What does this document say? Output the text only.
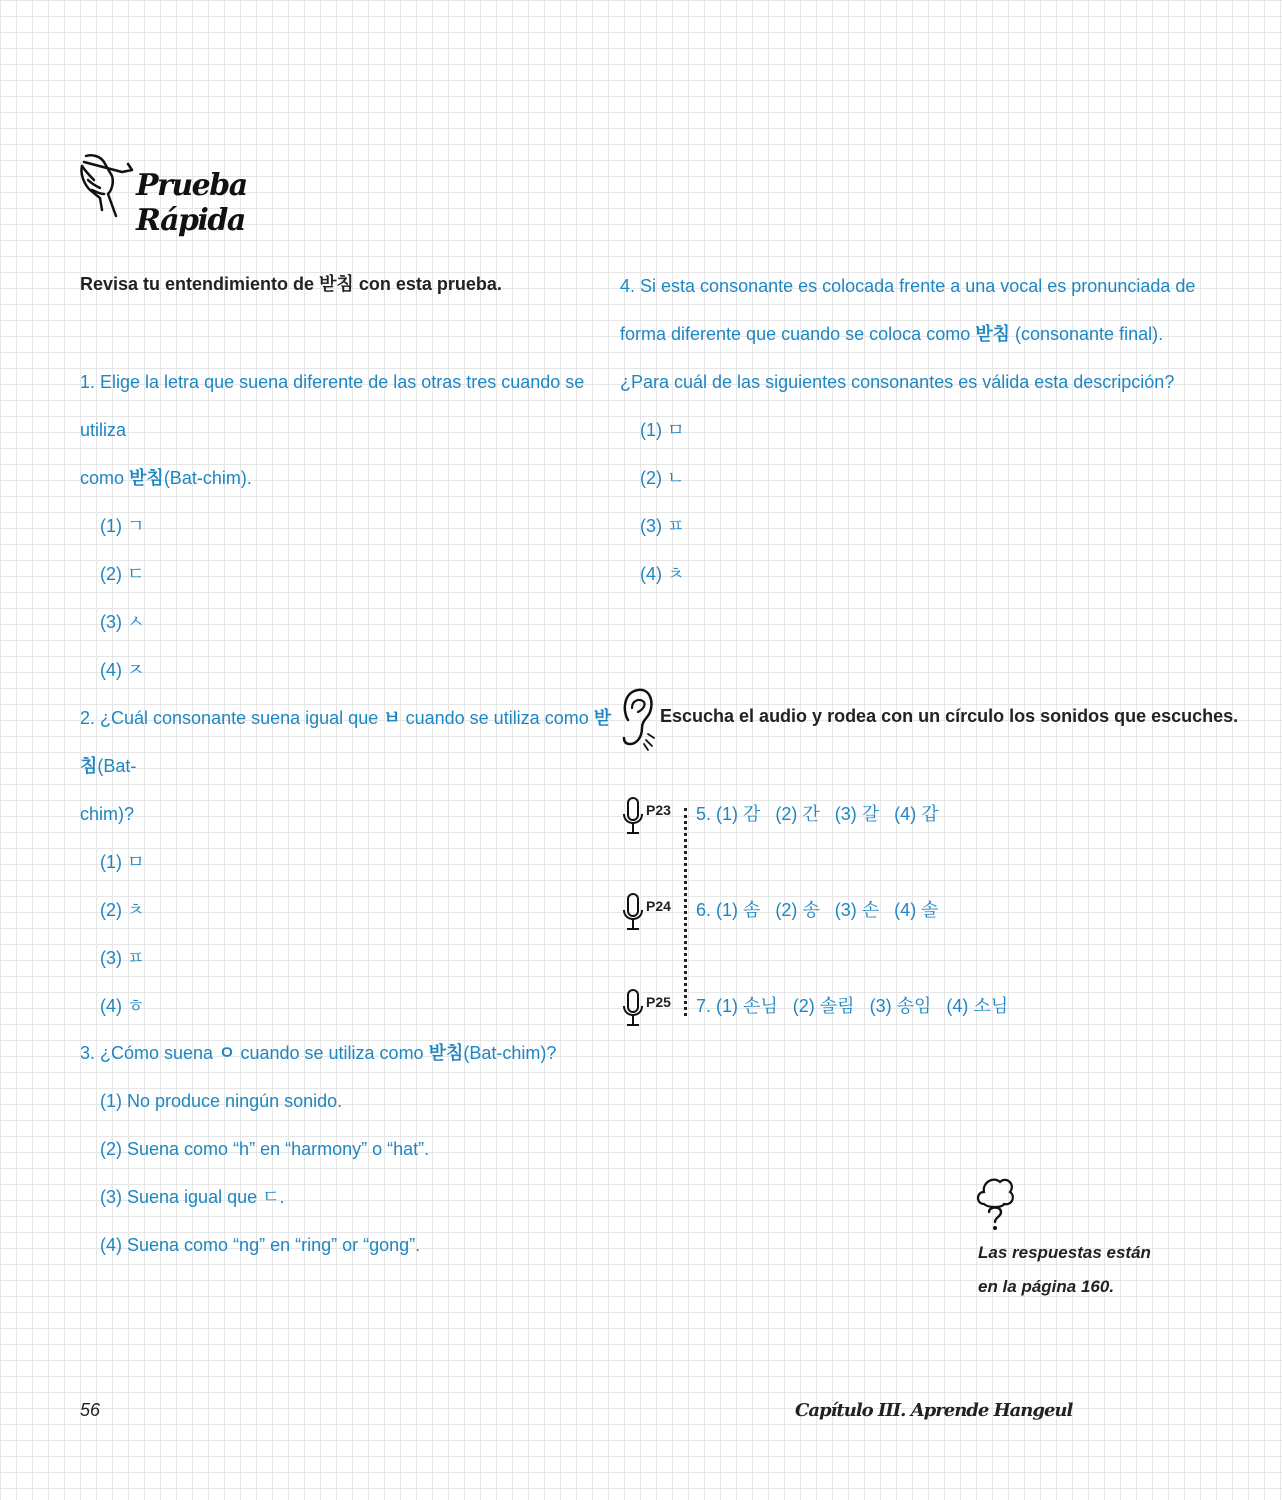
Prueba Rápida
Revisa tu entendimiento de 받침 con esta prueba.
1. Elige la letra que suena diferente de las otras tres cuando se utiliza
como 받침(Bat-chim).
(1) ㄱ
(2) ㄷ
(3) ㅅ
(4) ㅈ
2. ¿Cuál consonante suena igual que ㅂ cuando se utiliza como 받침(Bat-
chim)?
(1) ㅁ
(2) ㅊ
(3) ㅍ
(4) ㅎ
3. ¿Cómo suena ㅇ cuando se utiliza como 받침(Bat-chim)?
(1) No produce ningún sonido.
(2) Suena como “h” en “harmony” o “hat”.
(3) Suena igual que ㄷ.
(4) Suena como “ng” en “ring” or “gong”.
4. Si esta consonante es colocada frente a una vocal es pronunciada de
forma diferente que cuando se coloca como 받침 (consonante final).
¿Para cuál de las siguientes consonantes es válida esta descripción?
(1) ㅁ
(2) ㄴ
(3) ㅍ
(4) ㅊ
Escucha el audio y rodea con un círculo los sonidos que escuches.
P23 5. (1) 감   (2) 간   (3) 갈   (4) 갑
P24 6. (1) 솜   (2) 송   (3) 손   (4) 솔
P25 7. (1) 손님   (2) 솔림   (3) 송임   (4) 소님
Las respuestas están
en la página 160.
56	Capítulo III. Aprende Hangeul
